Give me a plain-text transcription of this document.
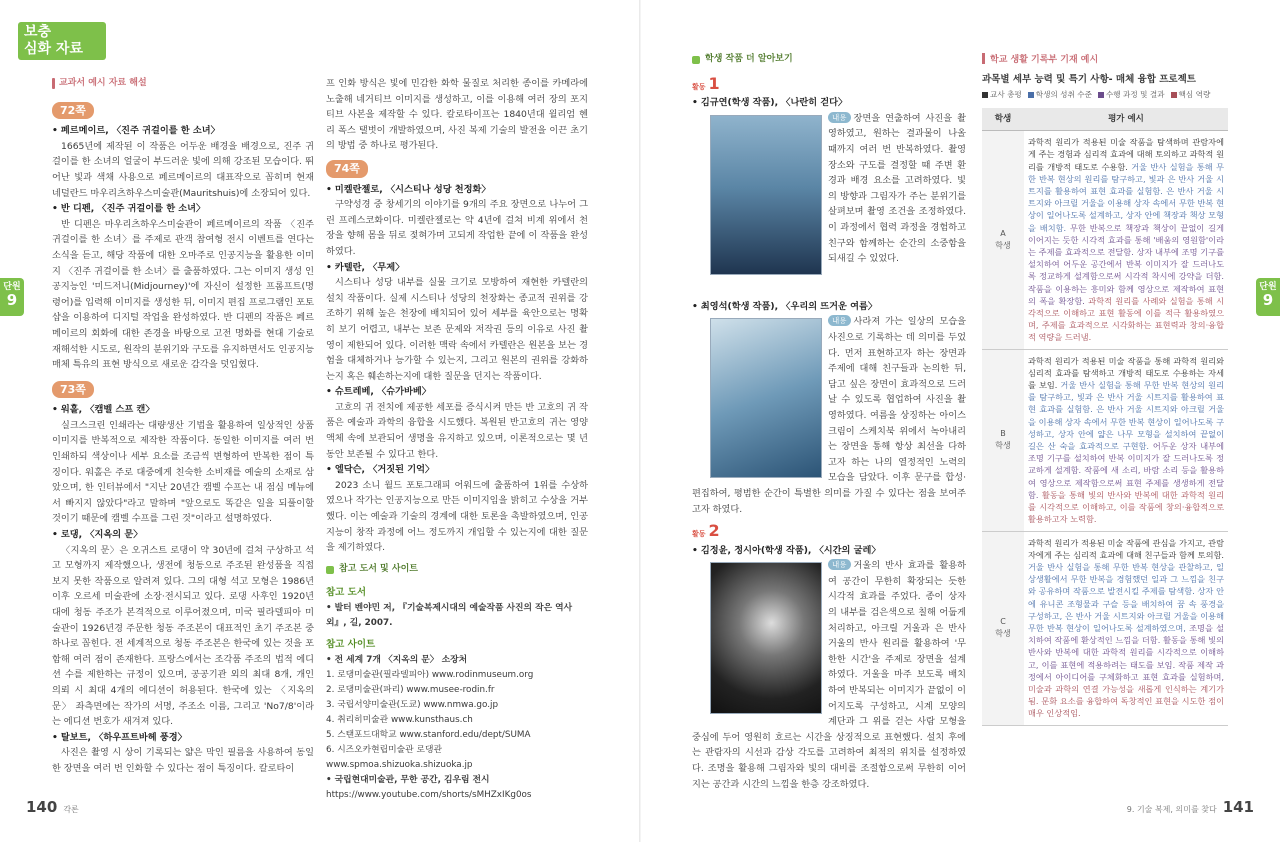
보충
심화 자료
단원
9
단원
9
교과서 예시 자료 해설
72쪽
• 페르메이르, 〈진주 귀걸이를 한 소녀〉

1665년에 제작된 이 작품은 어두운 배경을 배경으로, 진주 귀걸이를 한 소녀의 얼굴이 부드러운 빛에 의해 강조된 모습이다. 뛰어난 빛과 색채 사용으로 페르메이르의 대표작으로 꼽히며 현재 네덜란드 마우리츠하우스미술관(Mauritshuis)에 소장되어 있다.

• 반 디펜, 〈진주 귀걸이를 한 소녀〉

반 디펜은 마우리츠하우스미술관이 페르메이르의 작품 〈진주 귀걸이를 한 소녀〉를 주제로 관객 참여형 전시 이벤트를 연다는 소식을 듣고, 해당 작품에 대한 오마주로 인공지능을 활용한 이미지 〈진주 귀걸이를 한 소녀〉를 출품하였다. 그는 이미지 생성 인공지능인 '미드저니(Midjourney)'에 자신이 설정한 프롬프트(명령어)를 입력해 이미지를 생성한 뒤, 이미지 편집 프로그램인 포토샵을 이용하여 디지털 작업을 완성하였다. 반 디펜의 작품은 페르메이르의 회화에 대한 존경을 바탕으로 고전 명화를 현대 기술로 재해석한 시도로, 원작의 분위기와 구도를 유지하면서도 인공지능 매체 특유의 표현 방식으로 새로운 감각을 덧입혔다.

73쪽
• 워홀, 〈캠벨 스프 캔〉

실크스크린 인쇄라는 대량생산 기법을 활용하여 일상적인 상품 이미지를 반복적으로 제작한 작품이다. 동일한 이미지를 여러 번 인쇄하되 색상이나 세부 요소를 조금씩 변형하여 반복한 점이 특징이다. 워홀은 주로 대중에게 친숙한 소비재를 예술의 소재로 삼았으며, 한 인터뷰에서 "지난 20년간 캠벨 수프는 내 점심 메뉴에서 빠지지 않았다"라고 말하며 "앞으로도 똑같은 일을 되풀이할 것이기 때문에 캠벨 수프를 그린 것"이라고 설명하였다.

• 로댕, 〈지옥의 문〉

〈지옥의 문〉은 오귀스트 로댕이 약 30년에 걸쳐 구상하고 석고 모형까지 제작했으나, 생전에 청동으로 주조된 완성품을 직접 보지 못한 작품으로 알려져 있다. 그의 대형 석고 모형은 1986년 이후 오르세 미술관에 소장·전시되고 있다. 로댕 사후인 1920년대에 청동 주조가 본격적으로 이루어졌으며, 미국 필라델피아 미술관이 1926년경 주문한 청동 주조본이 대표적인 초기 주조본 중 하나로 꼽힌다. 전 세계적으로 청동 주조본은 한국에 있는 것을 포함해 여러 점이 존재한다. 프랑스에서는 조각품 주조의 법적 에디션 수를 제한하는 규정이 있으며, 공공기관 외의 최대 8개, 개인 의뢰 시 최대 4개의 에디션이 허용된다. 한국에 있는 〈지옥의 문〉 좌측면에는 작가의 서명, 주조소 이름, 그리고 'No7/8'이라는 에디션 번호가 새겨져 있다.

• 탈보트, 〈하우프트바헤 풍경〉

사진은 촬영 시 상이 기록되는 얇은 막인 필름을 사용하여 동일한 장면을 여러 번 인화할 수 있다는 점이 특징이다. 칼로타이

프 인화 방식은 빛에 민감한 화학 물질로 처리한 종이를 카메라에 노출해 네거티브 이미지를 생성하고, 이를 이용해 여러 장의 포지티브 사본을 제작할 수 있다. 칼로타이프는 1840년대 윌리엄 헨리 폭스 탤벗이 개발하였으며, 사진 복제 기술의 발전을 이끈 초기의 방법 중 하나로 평가된다.

74쪽
• 미켈란젤로, 〈시스티나 성당 천정화〉

구약성경 중 창세기의 이야기를 9개의 주요 장면으로 나누어 그린 프레스코화이다. 미켈란젤로는 약 4년에 걸쳐 비계 위에서 천장을 향해 몸을 뒤로 젖혀가며 고되게 작업한 끝에 이 작품을 완성하였다.

• 카텔란, 〈무제〉

시스티나 성당 내부를 실물 크기로 모방하여 재현한 카텔란의 설치 작품이다. 실제 시스티나 성당의 천장화는 종교적 권위를 강조하기 위해 높은 천장에 배치되어 있어 세부를 육안으로는 명확히 보기 어렵고, 내부는 보존 문제와 저작권 등의 이유로 사진 촬영이 제한되어 있다. 이러한 맥락 속에서 카텔란은 원본을 보는 경험을 대체하거나 능가할 수 있는지, 그리고 원본의 권위를 강화하는지 혹은 훼손하는지에 대한 질문을 던지는 작품이다.

• 슈트레베, 〈슈가바베〉

고흐의 귀 전치에 제공한 세포를 증식시켜 만든 반 고흐의 귀 작품은 예술과 과학의 융합을 시도했다. 복원된 반고흐의 귀는 영양 액체 속에 보관되어 생명을 유지하고 있으며, 이론적으로는 몇 년 동안 보존될 수 있다고 한다.

• 엘닥슨, 〈거짓된 기억〉

2023 소니 월드 포토그래피 어워드에 출품하여 1위를 수상하였으나 작가는 인공지능으로 만든 이미지임을 밝히고 수상을 거부했다. 이는 예술과 기술의 경계에 대한 토론을 촉발하였으며, 인공지능이 창작 과정에 어느 정도까지 개입할 수 있는지에 대한 질문을 제기하였다.

참고 도서 및 사이트
참고 도서
• 발터 벤야민 저, 『기술복제시대의 예술작품 사진의 작은 역사 외』, 길, 2007.
참고 사이트
• 전 세계 7개 〈지옥의 문〉 소장처
1. 로댕미술관(필라델피아) www.rodinmuseum.org
2. 로댕미술관(파리) www.musee-rodin.fr
3. 국립서양미술관(도쿄) www.nmwa.go.jp
4. 취리히미술관 www.kunsthaus.ch
5. 스탠포드대학교 www.stanford.edu/dept/SUMA
6. 시즈오카현립미술관 로댕관 www.spmoa.shizuoka.shizuoka.jp
• 국립현대미술관, 무한 공간, 김우림 전시
https://www.youtube.com/shorts/sMHZxIKg0os
학생 작품 더 알아보기
활동 1
• 김규연(학생 작품), 〈나란히 걷다〉
내용 장면을 연출하여 사진을 촬영하였고, 원하는 결과물이 나올 때까지 여러 번 반복하였다. 촬영 장소와 구도를 결정할 때 주변 환경과 배경 요소를 고려하였다. 빛의 방향과 그림자가 주는 분위기를 살펴보며 촬영 조건을 조정하였다. 이 과정에서 협력 과정을 경험하고 친구와 함께하는 순간의 소중함을 되새길 수 있었다.
• 최영석(학생 작품), 〈우리의 뜨거운 여름〉
내용 사라져 가는 일상의 모습을 사진으로 기록하는 데 의미를 두었다. 먼저 표현하고자 하는 장면과 주제에 대해 친구들과 논의한 뒤, 담고 싶은 장면이 효과적으로 드러날 수 있도록 협업하여 사진을 촬영하였다. 여름을 상징하는 아이스크림이 스케치북 위에서 녹아내리는 장면을 통해 항상 최선을 다하고자 하는 나의 열정적인 노력의 모습을 담았다. 이후 문구를 합성·편집하여, 평범한 순간이 특별한 의미를 가질 수 있다는 점을 보여주고자 하였다.
활동 2
• 김정윤, 정시아(학생 작품), 〈시간의 굴레〉
내용 거울의 반사 효과를 활용하여 공간이 무한히 확장되는 듯한 시각적 효과를 주었다. 종이 상자의 내부를 검은색으로 칠해 어둡게 처리하고, 아크릴 거울과 은 반사 거울의 반사 원리를 활용하여 '무한한 시간'을 주제로 장면을 설계하였다. 거울을 마주 보도록 배치하여 반복되는 이미지가 끝없이 이어지도록 구성하고, 시계 모양의 계단과 그 위를 걷는 사람 모형을 중심에 두어 영원히 흐르는 시간을 상징적으로 표현했다. 설치 후에는 관람자의 시선과 감상 각도를 고려하여 최적의 위치를 설정하였다. 조명을 활용해 그림자와 빛의 대비를 조절함으로써 무한히 이어지는 공간과 시간의 느낌을 한층 강조하였다.
학교 생활 기록부 기재 예시
과목별 세부 능력 및 특기 사항- 매체 융합 프로젝트
교사 총평 학생의 성취 수준 수행 과정 및 결과 핵심 역량
학생	평가 예시
A
학생	과학적 원리가 적용된 미술 작품을 탐색하며 관람자에게 주는 경험과 심리적 효과에 대해 토의하고 과학적 원리를 개방적 태도로 수용함. 거울 반사 실험을 통해 무한 반복 현상의 원리를 탐구하고, 빛과 은 반사 거울 시트지를 활용하여 표현 효과를 실험함. 은 반사 거울 시트지와 아크릴 거울을 이용해 상자 속에서 무한 반복 현상이 일어나도록 설계하고, 상자 안에 책장과 책상 모형을 배치함. 무한 반복으로 책장과 책상이 끝없이 길게 이어지는 듯한 시각적 효과를 통해 '배움의 영원함'이라는 주제를 효과적으로 전달함. 상자 내부에 조명 기구를 설치하여 어두운 공간에서 반복 이미지가 잘 드러나도록 정교하게 설계함으로써 시각적 착시에 강약을 더함. 작품을 이용하는 흥미와 함께 영상으로 제작하여 표현의 폭을 확장함. 과학적 원리를 사례와 실험을 통해 시각적으로 이해하고 표현 활동에 이를 적극 활용하였으며, 주제를 효과적으로 시각화하는 표현력과 창의·융합적 역량을 드러냄.
B
학생	과학적 원리가 적용된 미술 작품을 통해 과학적 원리와 심리적 효과를 탐색하고 개방적 태도로 수용하는 자세를 보임. 거울 반사 실험을 통해 무한 반복 현상의 원리를 탐구하고, 빛과 은 반사 거울 시트지를 활용하여 표현 효과를 실험함. 은 반사 거울 시트지와 아크릴 거울을 이용해 상자 속에서 무한 반복 현상이 일어나도록 구성하고, 상자 안에 얇은 나무 모형을 설치하여 끝없이 길은 산 숙을 효과적으로 구현함. 어두운 상자 내부에 조명 기구를 설치하여 반복 이미지가 잘 드러나도록 정교하게 설계함. 작품에 새 소리, 바람 소리 등을 활용하여 영상으로 제작함으로써 표현 주제를 생생하게 전달함. 활동을 통해 빛의 반사와 반복에 대한 과학적 원리를 시각적으로 이해하고, 이를 작품에 창의·융합적으로 활용하고자 노력함.
C
학생	과학적 원리가 적용된 미술 작품에 관심을 가지고, 관람자에게 주는 심리적 효과에 대해 친구들과 함께 토의함. 거울 반사 실험을 통해 무한 반복 현상을 관찰하고, 일상생활에서 무한 반복을 경험했던 일과 그 느낌을 친구와 공유하며 작품으로 발전시킬 주제를 탐색함. 상자 안에 유니콘 조형물과 구슬 등을 배치하여 꿈 속 풍경을 구성하고, 은 반사 거울 시트지와 아크릴 거울을 이용해 무한 반복 현상이 일어나도록 설계하였으며, 조명을 설치하여 작품에 환상적인 느낌을 더함. 활동을 통해 빛의 반사와 반복에 대한 과학적 원리를 시각적으로 이해하고, 이를 표현에 적용하려는 태도를 보임. 작품 제작 과정에서 아이디어를 구체화하고 표현 효과를 실험하며, 미술과 과학의 연결 가능성을 새롭게 인식하는 계기가 됨. 문화 요소를 융합하여 독창적인 표현을 시도한 점이 매우 인상적임.
140 각론	9. 기술 복제, 의미를 찾다 141
